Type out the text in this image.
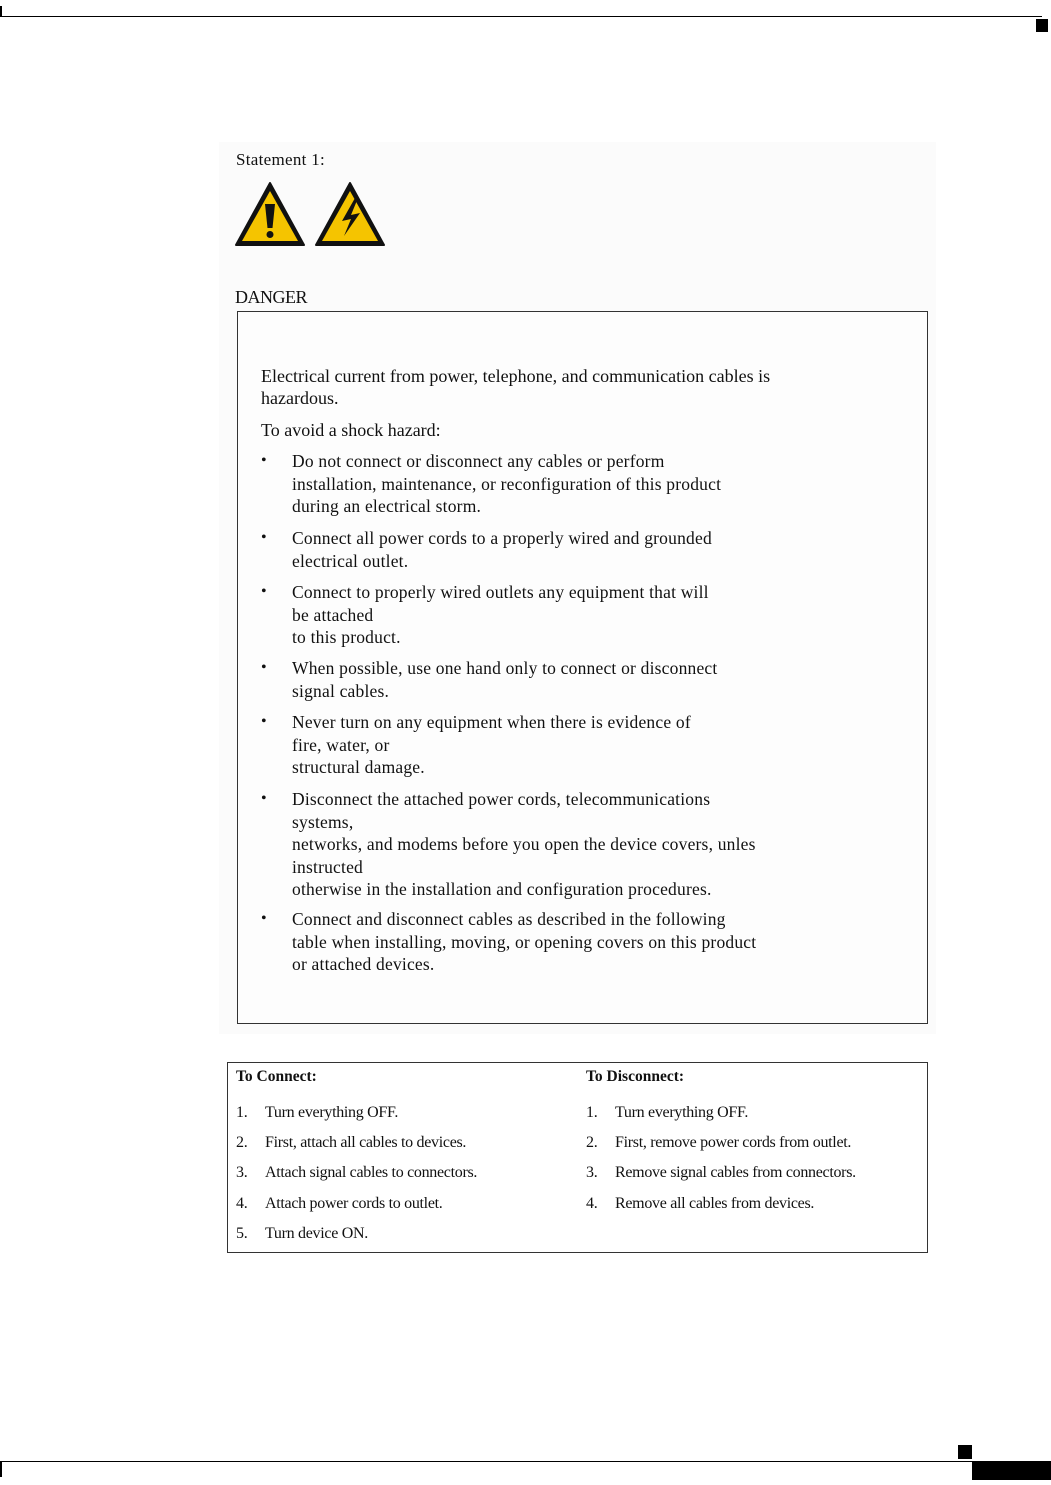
Statement 1:
DANGER

Electrical current from power, telephone, and communication cables is hazardous.

To avoid a shock hazard:

• Do not connect or disconnect any cables or perform
installation, maintenance, or reconfiguration of this product
during an electrical storm.
• Connect all power cords to a properly wired and grounded
electrical outlet.
• Connect to properly wired outlets any equipment that will
be attached
to this product.
• When possible, use one hand only to connect or disconnect
signal cables.
• Never turn on any equipment when there is evidence of
fire, water, or
structural damage.
• Disconnect the attached power cords, telecommunications
systems,
networks, and modems before you open the device covers, unles
instructed
otherwise in the installation and configuration procedures.
• Connect and disconnect cables as described in the following
table when installing, moving, or opening covers on this product
or attached devices.
To Connect:
1. Turn everything OFF.
2. First, attach all cables to devices.
3. Attach signal cables to connectors.
4. Attach power cords to outlet.
5. Turn device ON.
To Disconnect:
1. Turn everything OFF.
2. First, remove power cords from outlet.
3. Remove signal cables from connectors.
4. Remove all cables from devices.
